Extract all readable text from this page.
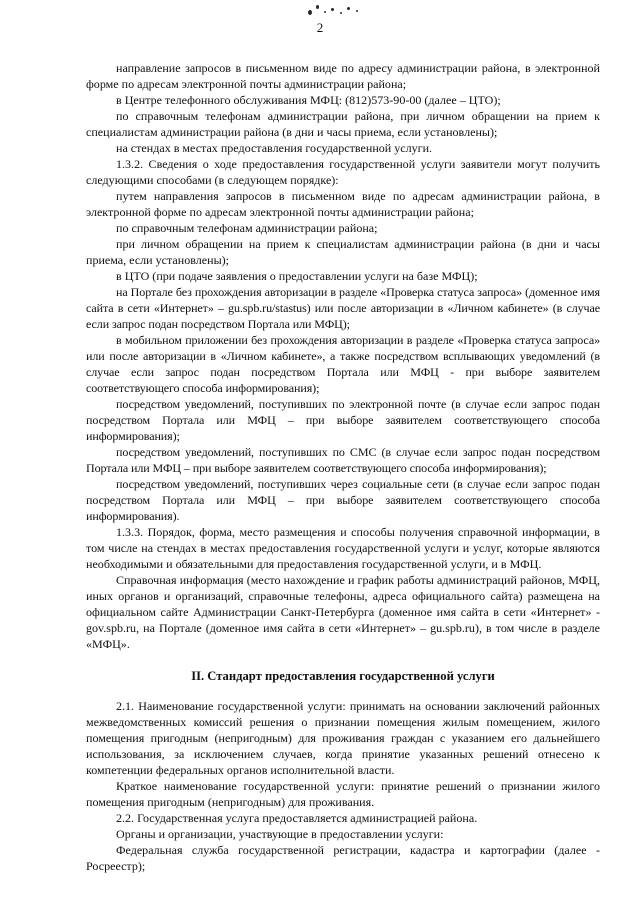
2

направление запросов в письменном виде по адресу администрации района, в электронной форме по адресам электронной почты администрации района;

в Центре телефонного обслуживания МФЦ: (812)573-90-00 (далее – ЦТО);

по справочным телефонам администрации района, при личном обращении на прием к специалистам администрации района (в дни и часы приема, если установлены);

на стендах в местах предоставления государственной услуги.

1.3.2. Сведения о ходе предоставления государственной услуги заявители могут получить следующими способами (в следующем порядке):

путем направления запросов в письменном виде по адресам администрации района, в электронной форме по адресам электронной почты администрации района;

по справочным телефонам администрации района;

при личном обращении на прием к специалистам администрации района (в дни и часы приема, если установлены);

в ЦТО (при подаче заявления о предоставлении услуги на базе МФЦ);

на Портале без прохождения авторизации в разделе «Проверка статуса запроса» (доменное имя сайта в сети «Интернет» – gu.spb.ru/stastus) или после авторизации в «Личном кабинете» (в случае если запрос подан посредством Портала или МФЦ);

в мобильном приложении без прохождения авторизации в разделе «Проверка статуса запроса» или после авторизации в «Личном кабинете», а также посредством всплывающих уведомлений (в случае если запрос подан посредством Портала или МФЦ - при выборе заявителем соответствующего способа информирования);

посредством уведомлений, поступивших по электронной почте (в случае если запрос подан посредством Портала или МФЦ – при выборе заявителем соответствующего способа информирования);

посредством уведомлений, поступивших по СМС (в случае если запрос подан посредством Портала или МФЦ – при выборе заявителем соответствующего способа информирования);

посредством уведомлений, поступивших через социальные сети (в случае если запрос подан посредством Портала или МФЦ – при выборе заявителем соответствующего способа информирования).

1.3.3. Порядок, форма, место размещения и способы получения справочной информации, в том числе на стендах в местах предоставления государственной услуги и услуг, которые являются необходимыми и обязательными для предоставления государственной услуги, и в МФЦ.

Справочная информация (место нахождение и график работы администраций районов, МФЦ, иных органов и организаций, справочные телефоны, адреса официального сайта) размещена на официальном сайте Администрации Санкт-Петербурга (доменное имя сайта в сети «Интернет» - gov.spb.ru, на Портале (доменное имя сайта в сети «Интернет» – gu.spb.ru), в том числе в разделе «МФЦ».

II. Стандарт предоставления государственной услуги

2.1. Наименование государственной услуги: принимать на основании заключений районных межведомственных комиссий решения о признании помещения жилым помещением, жилого помещения пригодным (непригодным) для проживания граждан с указанием его дальнейшего использования, за исключением случаев, когда принятие указанных решений отнесено к компетенции федеральных органов исполнительной власти.

Краткое наименование государственной услуги: принятие решений о признании жилого помещения пригодным (непригодным) для проживания.

2.2. Государственная услуга предоставляется администрацией района.

Органы и организации, участвующие в предоставлении услуги:

Федеральная служба государственной регистрации, кадастра и картографии (далее - Росреестр);
